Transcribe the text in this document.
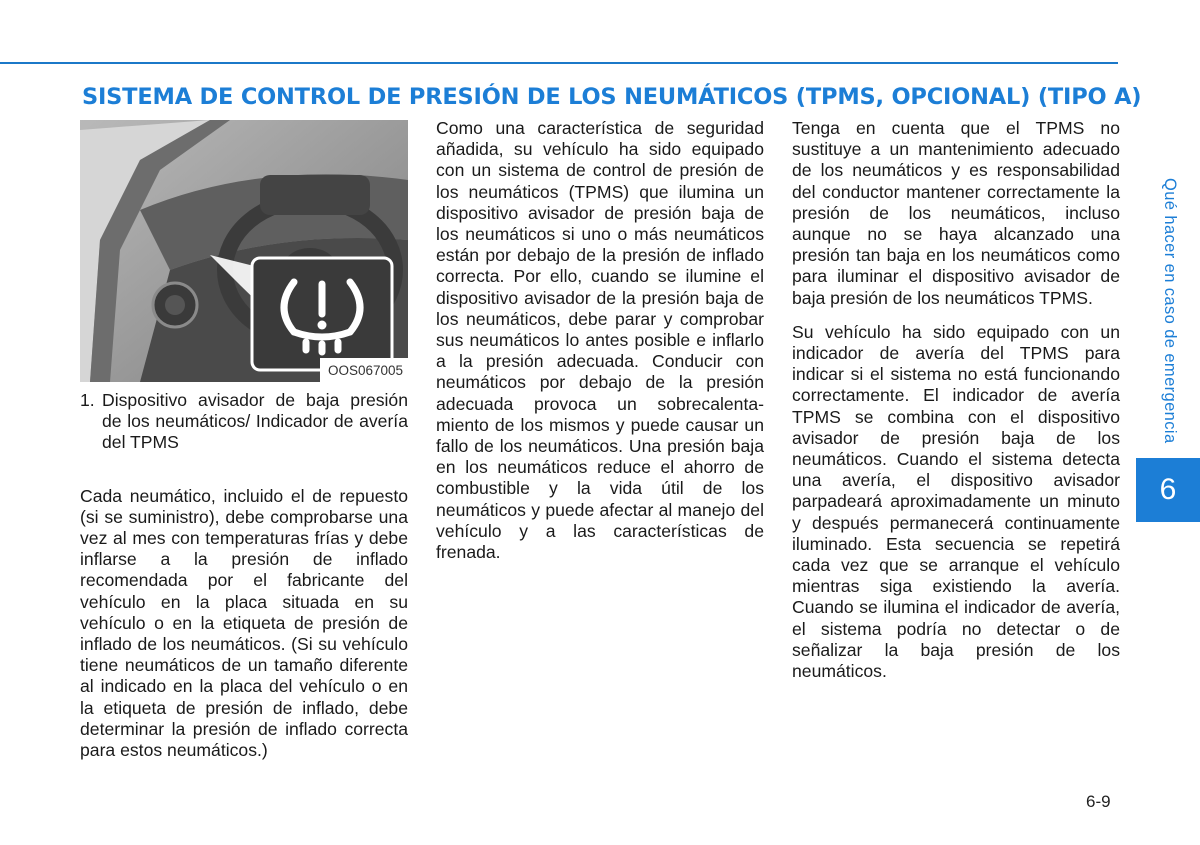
SISTEMA DE CONTROL DE PRESIÓN DE LOS NEUMÁTICOS (TPMS, OPCIONAL) (TIPO A)
OOS067005
1. Dispositivo avisador de baja presión de los neumáticos/ Indicador de avería del TPMS

Cada neumático, incluido el de repuesto (si se suministro), debe comprobarse una vez al mes con temperaturas frías y debe inflarse a la presión de inflado recomendada por el fabricante del vehículo en la placa situada en su vehículo o en la etiqueta de presión de inflado de los neumáticos. (Si su vehículo tiene neumáticos de un tamaño diferente al indicado en la placa del vehículo o en la etiqueta de presión de inflado, debe determinar la presión de inflado correcta para estos neumáticos.)

Como una característica de seguridad añadida, su vehículo ha sido equipado con un sistema de control de presión de los neumáticos (TPMS) que ilumina un dispositivo avisador de presión baja de los neumáticos si uno o más neumáticos están por debajo de la presión de inflado correcta. Por ello, cuando se ilumine el dispositivo avisador de la presión baja de los neumáticos, debe parar y comprobar sus neumáticos lo antes posible e inflarlo a la presión adecuada. Conducir con neumáticos por debajo de la presión adecuada provoca un sobrecalenta-miento de los mismos y puede causar un fallo de los neumáticos. Una presión baja en los neumáticos reduce el ahorro de combustible y la vida útil de los neumáticos y puede afectar al manejo del vehículo y a las características de frenada.

Tenga en cuenta que el TPMS no sustituye a un mantenimiento adecuado de los neumáticos y es responsabilidad del conductor mantener correctamente la presión de los neumáticos, incluso aunque no se haya alcanzado una presión tan baja en los neumáticos como para iluminar el dispositivo avisador de baja presión de los neumáticos TPMS.

Su vehículo ha sido equipado con un indicador de avería del TPMS para indicar si el sistema no está funcionando correctamente. El indicador de avería TPMS se combina con el dispositivo avisador de presión baja de los neumáticos. Cuando el sistema detecta una avería, el dispositivo avisador parpadeará aproximadamente un minuto y después permanecerá continuamente iluminado. Esta secuencia se repetirá cada vez que se arranque el vehículo mientras siga existiendo la avería. Cuando se ilumina el indicador de avería, el sistema podría no detectar o de señalizar la baja presión de los neumáticos.

Qué hacer en caso de emergencia
6
6-9
